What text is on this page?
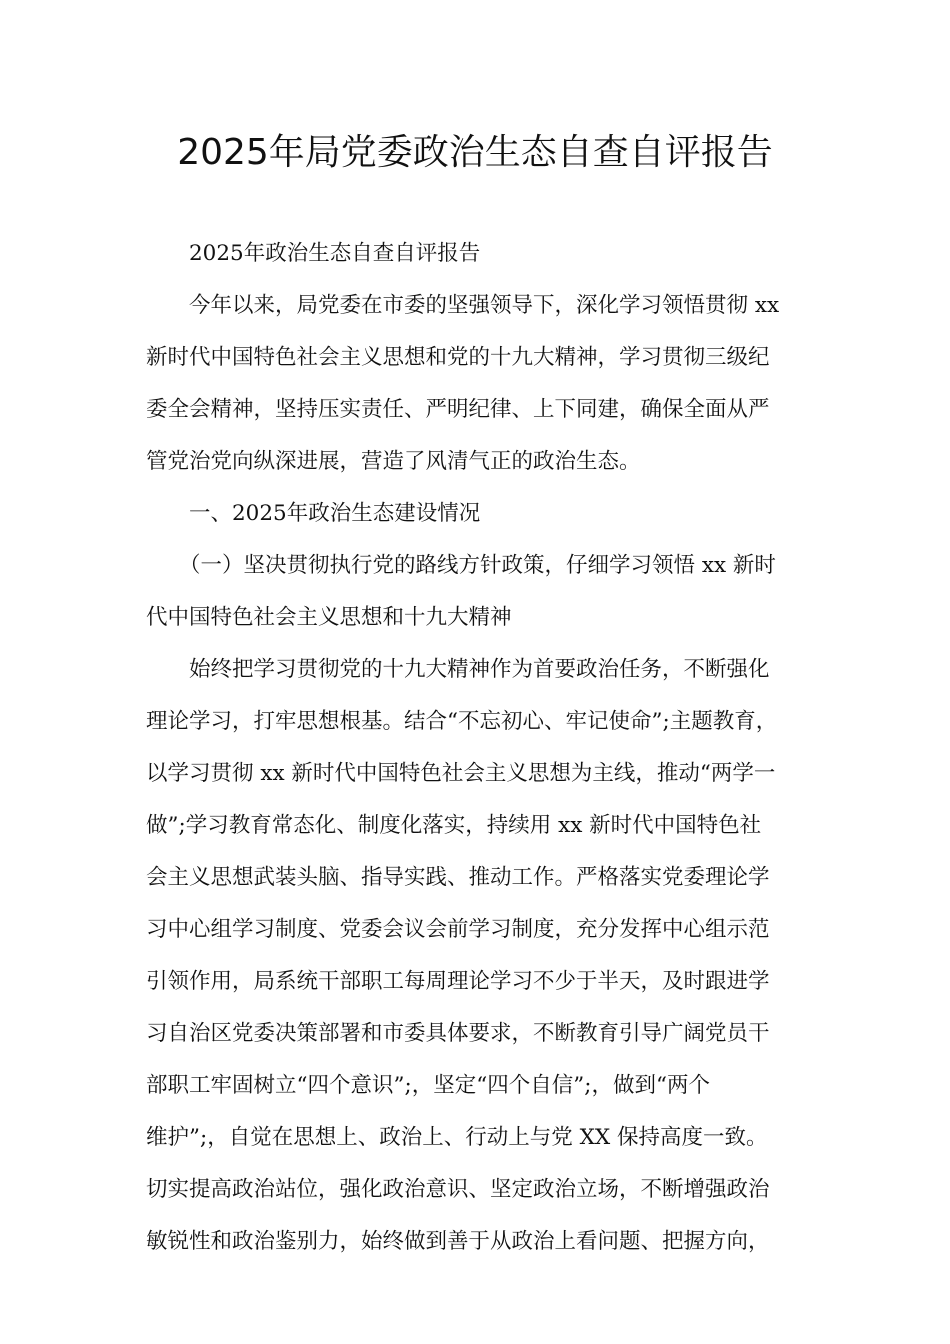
2025年局党委政治生态自查自评报告
2025年政治生态自查自评报告
今年以来，局党委在市委的坚强领导下，深化学习领悟贯彻 xx
新时代中国特色社会主义思想和党的十九大精神，学习贯彻三级纪
委全会精神，坚持压实责任、严明纪律、上下同建，确保全面从严
管党治党向纵深进展，营造了风清气正的政治生态。
一、2025年政治生态建设情况
（一）坚决贯彻执行党的路线方针政策，仔细学习领悟 xx 新时
代中国特色社会主义思想和十九大精神
始终把学习贯彻党的十九大精神作为首要政治任务，不断强化
理论学习，打牢思想根基。结合“不忘初心、牢记使命”;主题教育，
以学习贯彻 xx 新时代中国特色社会主义思想为主线，推动“两学一
做”;学习教育常态化、制度化落实，持续用 xx 新时代中国特色社
会主义思想武装头脑、指导实践、推动工作。严格落实党委理论学
习中心组学习制度、党委会议会前学习制度，充分发挥中心组示范
引领作用，局系统干部职工每周理论学习不少于半天，及时跟进学
习自治区党委决策部署和市委具体要求，不断教育引导广阔党员干
部职工牢固树立“四个意识”;，坚定“四个自信”;，做到“两个
维护”;，自觉在思想上、政治上、行动上与党 XX 保持高度一致。
切实提高政治站位，强化政治意识、坚定政治立场，不断增强政治
敏锐性和政治鉴别力，始终做到善于从政治上看问题、把握方向，
